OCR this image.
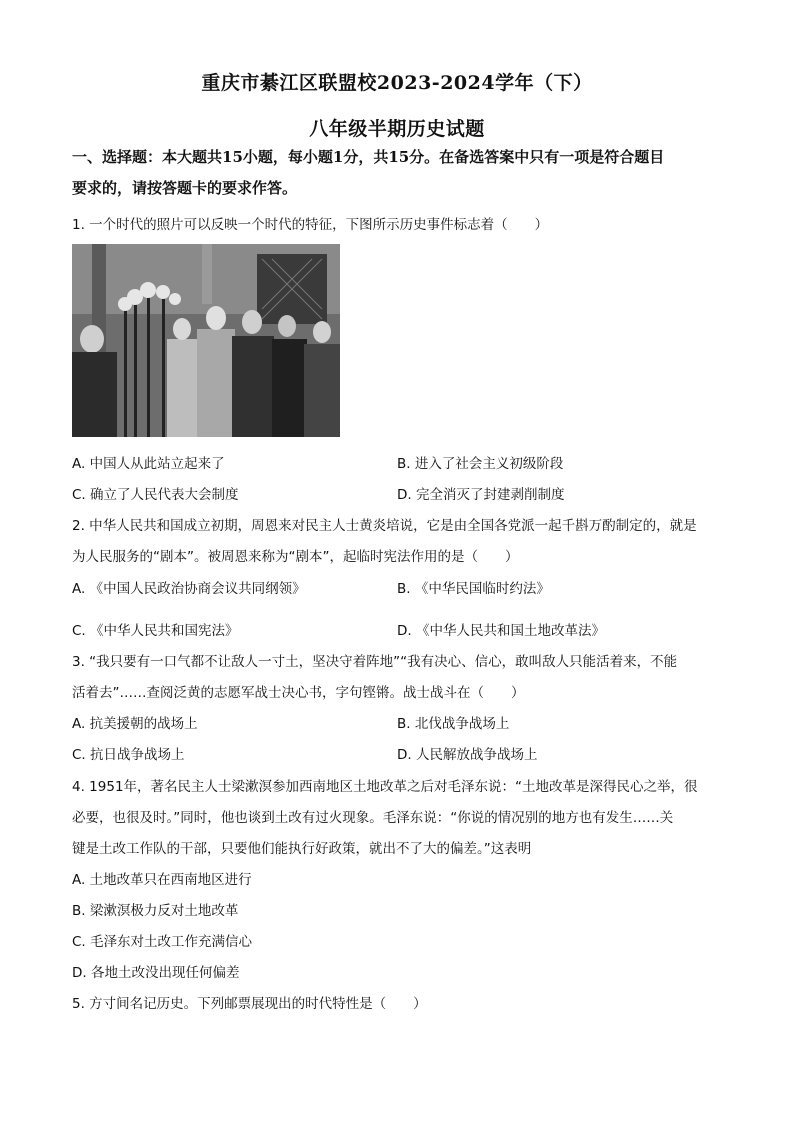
重庆市綦江区联盟校2023-2024学年（下）
八年级半期历史试题
一、选择题：本大题共15小题，每小题1分，共15分。在备选答案中只有一项是符合题目
要求的，请按答题卡的要求作答。
1. 一个时代的照片可以反映一个时代的特征，下图所示历史事件标志着（　　）
A. 中国人从此站立起来了	B. 进入了社会主义初级阶段
C. 确立了人民代表大会制度	D. 完全消灭了封建剥削制度
2. 中华人民共和国成立初期，周恩来对民主人士黄炎培说，它是由全国各党派一起千斟万酌制定的，就是
为人民服务的“剧本”。被周恩来称为“剧本”，起临时宪法作用的是（　　）
A. 《中国人民政治协商会议共同纲领》	B. 《中华民国临时约法》
C. 《中华人民共和国宪法》	D. 《中华人民共和国土地改革法》
3. “我只要有一口气都不让敌人一寸土，坚决守着阵地”“我有决心、信心，敢叫敌人只能活着来，不能
活着去”……查阅泛黄的志愿军战士决心书，字句铿锵。战士战斗在（　　）
A. 抗美援朝的战场上	B. 北伐战争战场上
C. 抗日战争战场上	D. 人民解放战争战场上
4. 1951年，著名民主人士梁漱溟参加西南地区土地改革之后对毛泽东说：“土地改革是深得民心之举，很
必要，也很及时。”同时，他也谈到土改有过火现象。毛泽东说：“你说的情况别的地方也有发生……关
键是土改工作队的干部，只要他们能执行好政策，就出不了大的偏差。”这表明
A. 土地改革只在西南地区进行
B. 梁漱溟极力反对土地改革
C. 毛泽东对土改工作充满信心
D. 各地土改没出现任何偏差
5. 方寸间名记历史。下列邮票展现出的时代特性是（　　）
